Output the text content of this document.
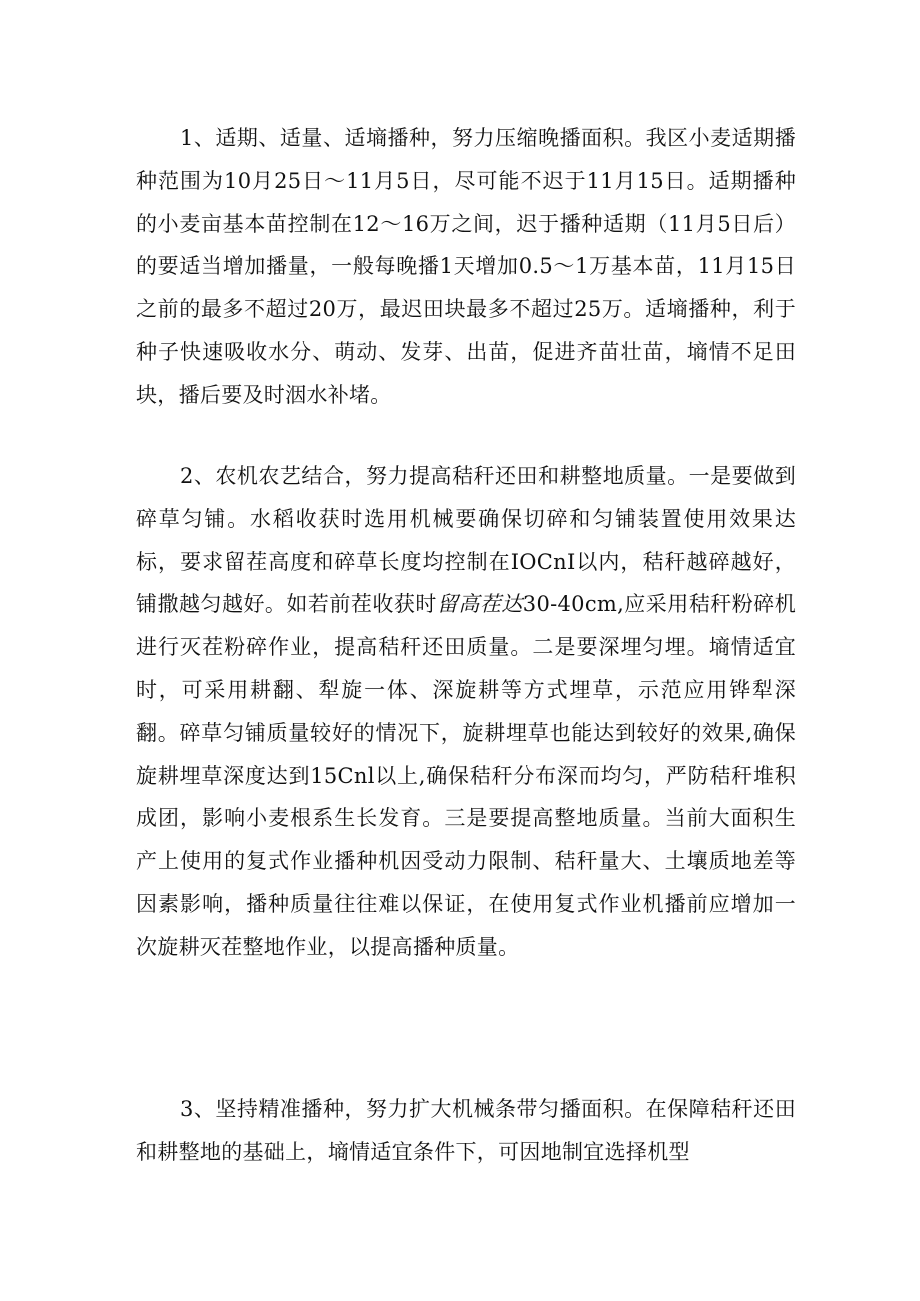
1、适期、适量、适墒播种，努力压缩晚播面积。我区小麦适期播种范围为10月25日～11月5日，尽可能不迟于11月15日。适期播种的小麦亩基本苗控制在12～16万之间，迟于播种适期（11月5日后）的要适当增加播量，一般每晚播1天增加0.5～1万基本苗，11月15日之前的最多不超过20万，最迟田块最多不超过25万。适墒播种，利于种子快速吸收水分、萌动、发芽、出苗，促进齐苗壮苗，墒情不足田块，播后要及时洇水补堵。

2、农机农艺结合，努力提高秸秆还田和耕整地质量。一是要做到碎草匀铺。水稻收获时选用机械要确保切碎和匀铺装置使用效果达标，要求留茬高度和碎草长度均控制在IOCnI以内，秸秆越碎越好，铺撒越匀越好。如若前茬收获时留高茬达30-40cm,应采用秸秆粉碎机进行灭茬粉碎作业，提高秸秆还田质量。二是要深埋匀埋。墒情适宜时，可采用耕翻、犁旋一体、深旋耕等方式埋草，示范应用铧犁深翻。碎草匀铺质量较好的情况下，旋耕埋草也能达到较好的效果,确保旋耕埋草深度达到15Cnl以上,确保秸秆分布深而均匀，严防秸秆堆积成团，影响小麦根系生长发育。三是要提高整地质量。当前大面积生产上使用的复式作业播种机因受动力限制、秸秆量大、土壤质地差等因素影响，播种质量往往难以保证，在使用复式作业机播前应增加一次旋耕灭茬整地作业，以提高播种质量。

3、坚持精准播种，努力扩大机械条带匀播面积。在保障秸秆还田和耕整地的基础上，墒情适宜条件下，可因地制宜选择机型
